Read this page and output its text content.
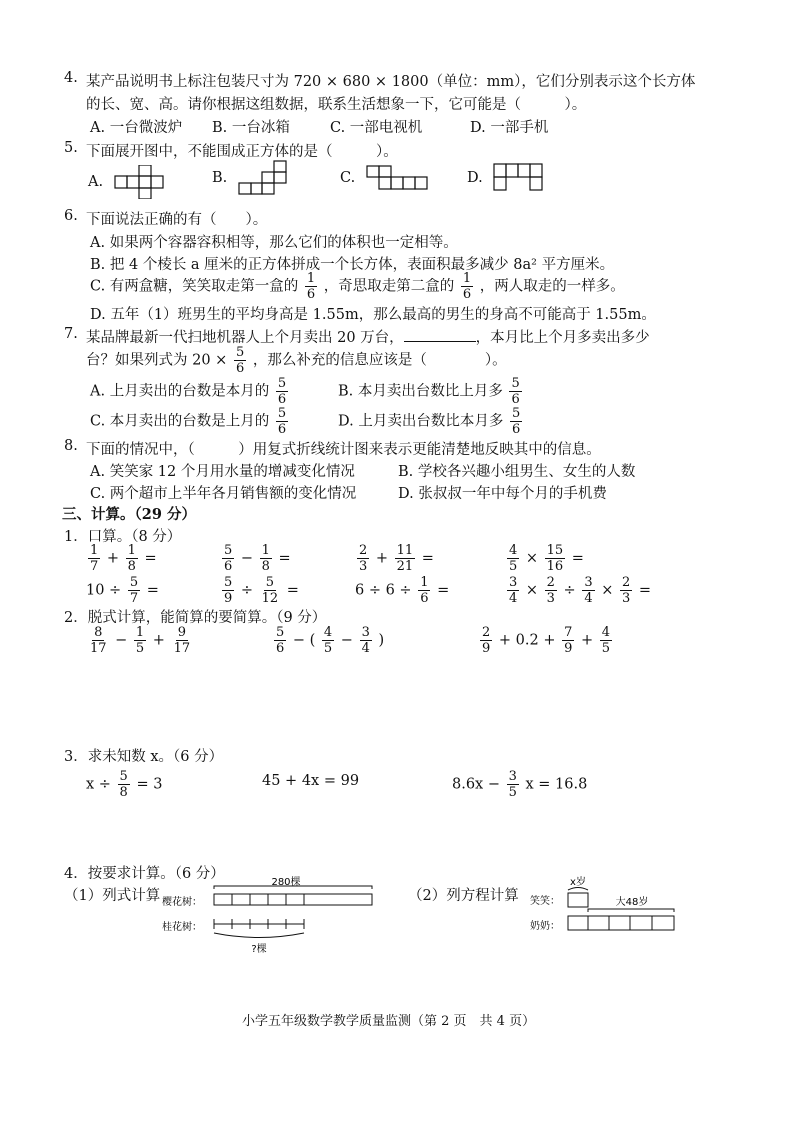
4. 某产品说明书上标注包装尺寸为 720 × 680 × 1800（单位：mm），它们分别表示这个长方体
的长、宽、高。请你根据这组数据，联系生活想象一下，它可能是（　　　）。
A. 一台微波炉 B. 一台冰箱	C. 一部电视机	D. 一部手机
5. 下面展开图中，不能围成正方体的是（　　　）。
A.	B.	C.	D.
6. 下面说法正确的有（　　）。
A. 如果两个容器容积相等，那么它们的体积也一定相等。
B. 把 4 个棱长 a 厘米的正方体拼成一个长方体，表面积最多减少 8a² 平方厘米。
C. 有两盒糖，笑笑取走第一盒的 $\frac{1}{6}$ ，奇思取走第二盒的 $\frac{1}{6}$ ，两人取走的一样多。
D. 五年（1）班男生的平均身高是 1.55m，那么最高的男生的身高不可能高于 1.55m。
7. 某品牌最新一代扫地机器人上个月卖出 20 万台，	，本月比上个月多卖出多少
台？如果列式为 $20 \times \frac{5}{6}$ ，那么补充的信息应该是（　　　　）。
A. 上月卖出的台数是本月的 $\frac{5}{6}$	B. 本月卖出台数比上月多 $\frac{5}{6}$
C. 本月卖出的台数是上月的 $\frac{5}{6}$	D. 上月卖出台数比本月多 $\frac{5}{6}$
8. 下面的情况中，（　　　）用复式折线统计图来表示更能清楚地反映其中的信息。
A. 笑笑家 12 个月用水量的增减变化情况	B. 学校各兴趣小组男生、女生的人数
C. 两个超市上半年各月销售额的变化情况	D. 张叔叔一年中每个月的手机费
三、计算。（29 分）
1．口算。（8 分）
$\frac{1}{7} + \frac{1}{8}$ =	$\frac{5}{6} - \frac{1}{8}$ =	$\frac{2}{3} + \frac{11}{21}$ =	$\frac{4}{5} \times \frac{15}{16}$ =
$10 \div \frac{5}{7}$ =	$\frac{5}{9} \div \frac{5}{12}$ =	$6 \div 6 \div \frac{1}{6}$ =	$\frac{3}{4} \times \frac{2}{3} \div \frac{3}{4} \times \frac{2}{3}$ =
2．脱式计算，能简算的要简算。（9 分）
$\frac{8}{17} - \frac{1}{5} + \frac{9}{17}$	$\frac{5}{6}$ − ( $\frac{4}{5} - \frac{3}{4}$ )	$\frac{2}{9} + 0.2 + \frac{7}{9} + \frac{4}{5}$
3．求未知数 x。（6 分）
$x \div \frac{5}{8} = 3$	45 + 4x = 99	$8.6x - \frac{3}{5}$ x = 16.8
4．按要求计算。（6 分）
（1）列式计算	（2）列方程计算
280棵
樱花树：
桂花树：
?棵
x岁
笑笑：	大48岁
奶奶：
小学五年级数学教学质量监测（第 2 页　共 4 页）
